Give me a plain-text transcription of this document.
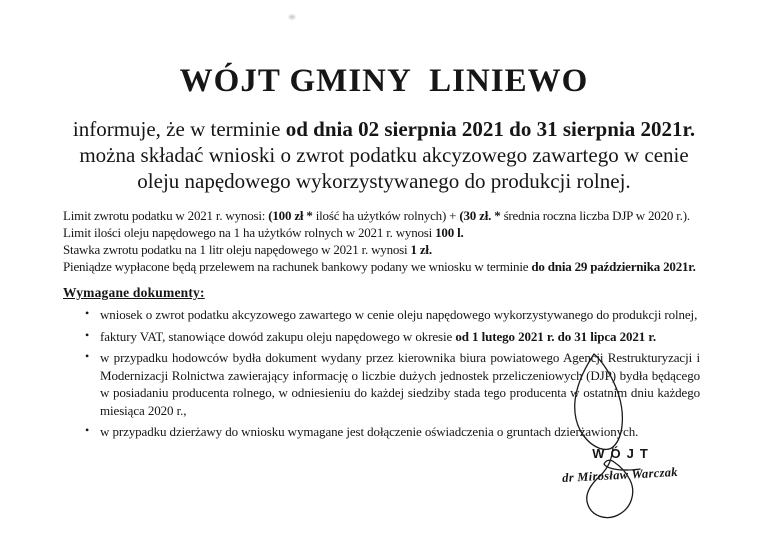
WÓJT GMINY  LINIEWO

informuje, że w terminie od dnia 02 sierpnia 2021 do 31 sierpnia 2021r.
można składać wnioski o zwrot podatku akcyzowego zawartego w cenie
oleju napędowego wykorzystywanego do produkcji rolnej.

Limit zwrotu podatku w 2021 r. wynosi: (100 zł * ilość ha użytków rolnych) + (30 zł. * średnia roczna liczba DJP w 2020 r.).
Limit ilości oleju napędowego na 1 ha użytków rolnych w 2021 r. wynosi 100 l.
Stawka zwrotu podatku na 1 litr oleju napędowego w 2021 r. wynosi 1 zł.
Pieniądze wypłacone będą przelewem na rachunek bankowy podany we wniosku w terminie do dnia 29 października 2021r.
Wymagane dokumenty:
• wniosek o zwrot podatku akcyzowego zawartego w cenie oleju napędowego wykorzystywanego do produkcji rolnej,
• faktury VAT, stanowiące dowód zakupu oleju napędowego w okresie od 1 lutego 2021 r. do 31 lipca 2021 r.
• w przypadku hodowców bydła dokument wydany przez kierownika biura powiatowego Agencji Restrukturyzacji i Modernizacji Rolnictwa zawierający informację o liczbie dużych jednostek przeliczeniowych (DJP) bydła będącego w posiadaniu producenta rolnego, w odniesieniu do każdej siedziby stada tego producenta w ostatnim dniu każdego miesiąca 2020 r.,
• w przypadku dzierżawy do wniosku wymagane jest dołączenie oświadczenia o gruntach dzierżawionych.
WÓJT
dr Mirosław Warczak
